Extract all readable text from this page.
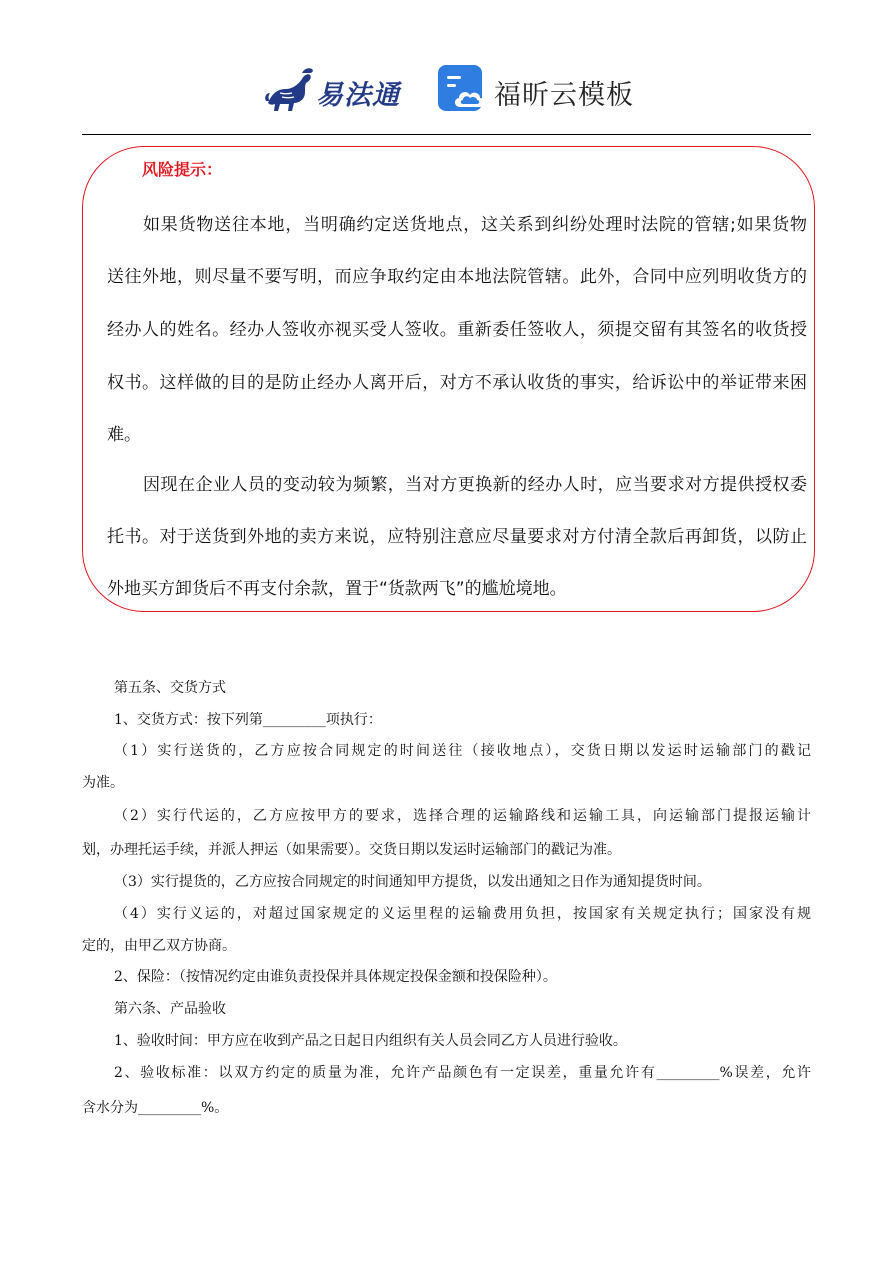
易法通	福昕云模板
风险提示：
如果货物送往本地，当明确约定送货地点，这关系到纠纷处理时法院的管辖;如果货物
送往外地，则尽量不要写明，而应争取约定由本地法院管辖。此外，合同中应列明收货方的
经办人的姓名。经办人签收亦视买受人签收。重新委任签收人，须提交留有其签名的收货授
权书。这样做的目的是防止经办人离开后，对方不承认收货的事实，给诉讼中的举证带来困
难。
因现在企业人员的变动较为频繁，当对方更换新的经办人时，应当要求对方提供授权委
托书。对于送货到外地的卖方来说，应特别注意应尽量要求对方付清全款后再卸货，以防止
外地买方卸货后不再支付余款，置于“货款两飞”的尴尬境地。
第五条、交货方式
1、交货方式：按下列第_________项执行：
（1）实行送货的，乙方应按合同规定的时间送往（接收地点），交货日期以发运时运输部门的戳记
为准。
（2）实行代运的，乙方应按甲方的要求，选择合理的运输路线和运输工具，向运输部门提报运输计
划，办理托运手续，并派人押运（如果需要）。交货日期以发运时运输部门的戳记为准。
（3）实行提货的，乙方应按合同规定的时间通知甲方提货，以发出通知之日作为通知提货时间。
（4）实行义运的，对超过国家规定的义运里程的运输费用负担，按国家有关规定执行；国家没有规
定的，由甲乙双方协商。
2、保险：（按情况约定由谁负责投保并具体规定投保金额和投保险种）。
第六条、产品验收
1、验收时间：甲方应在收到产品之日起日内组织有关人员会同乙方人员进行验收。
2、验收标准：以双方约定的质量为准，允许产品颜色有一定误差，重量允许有_________%误差，允许
含水分为_________%。
